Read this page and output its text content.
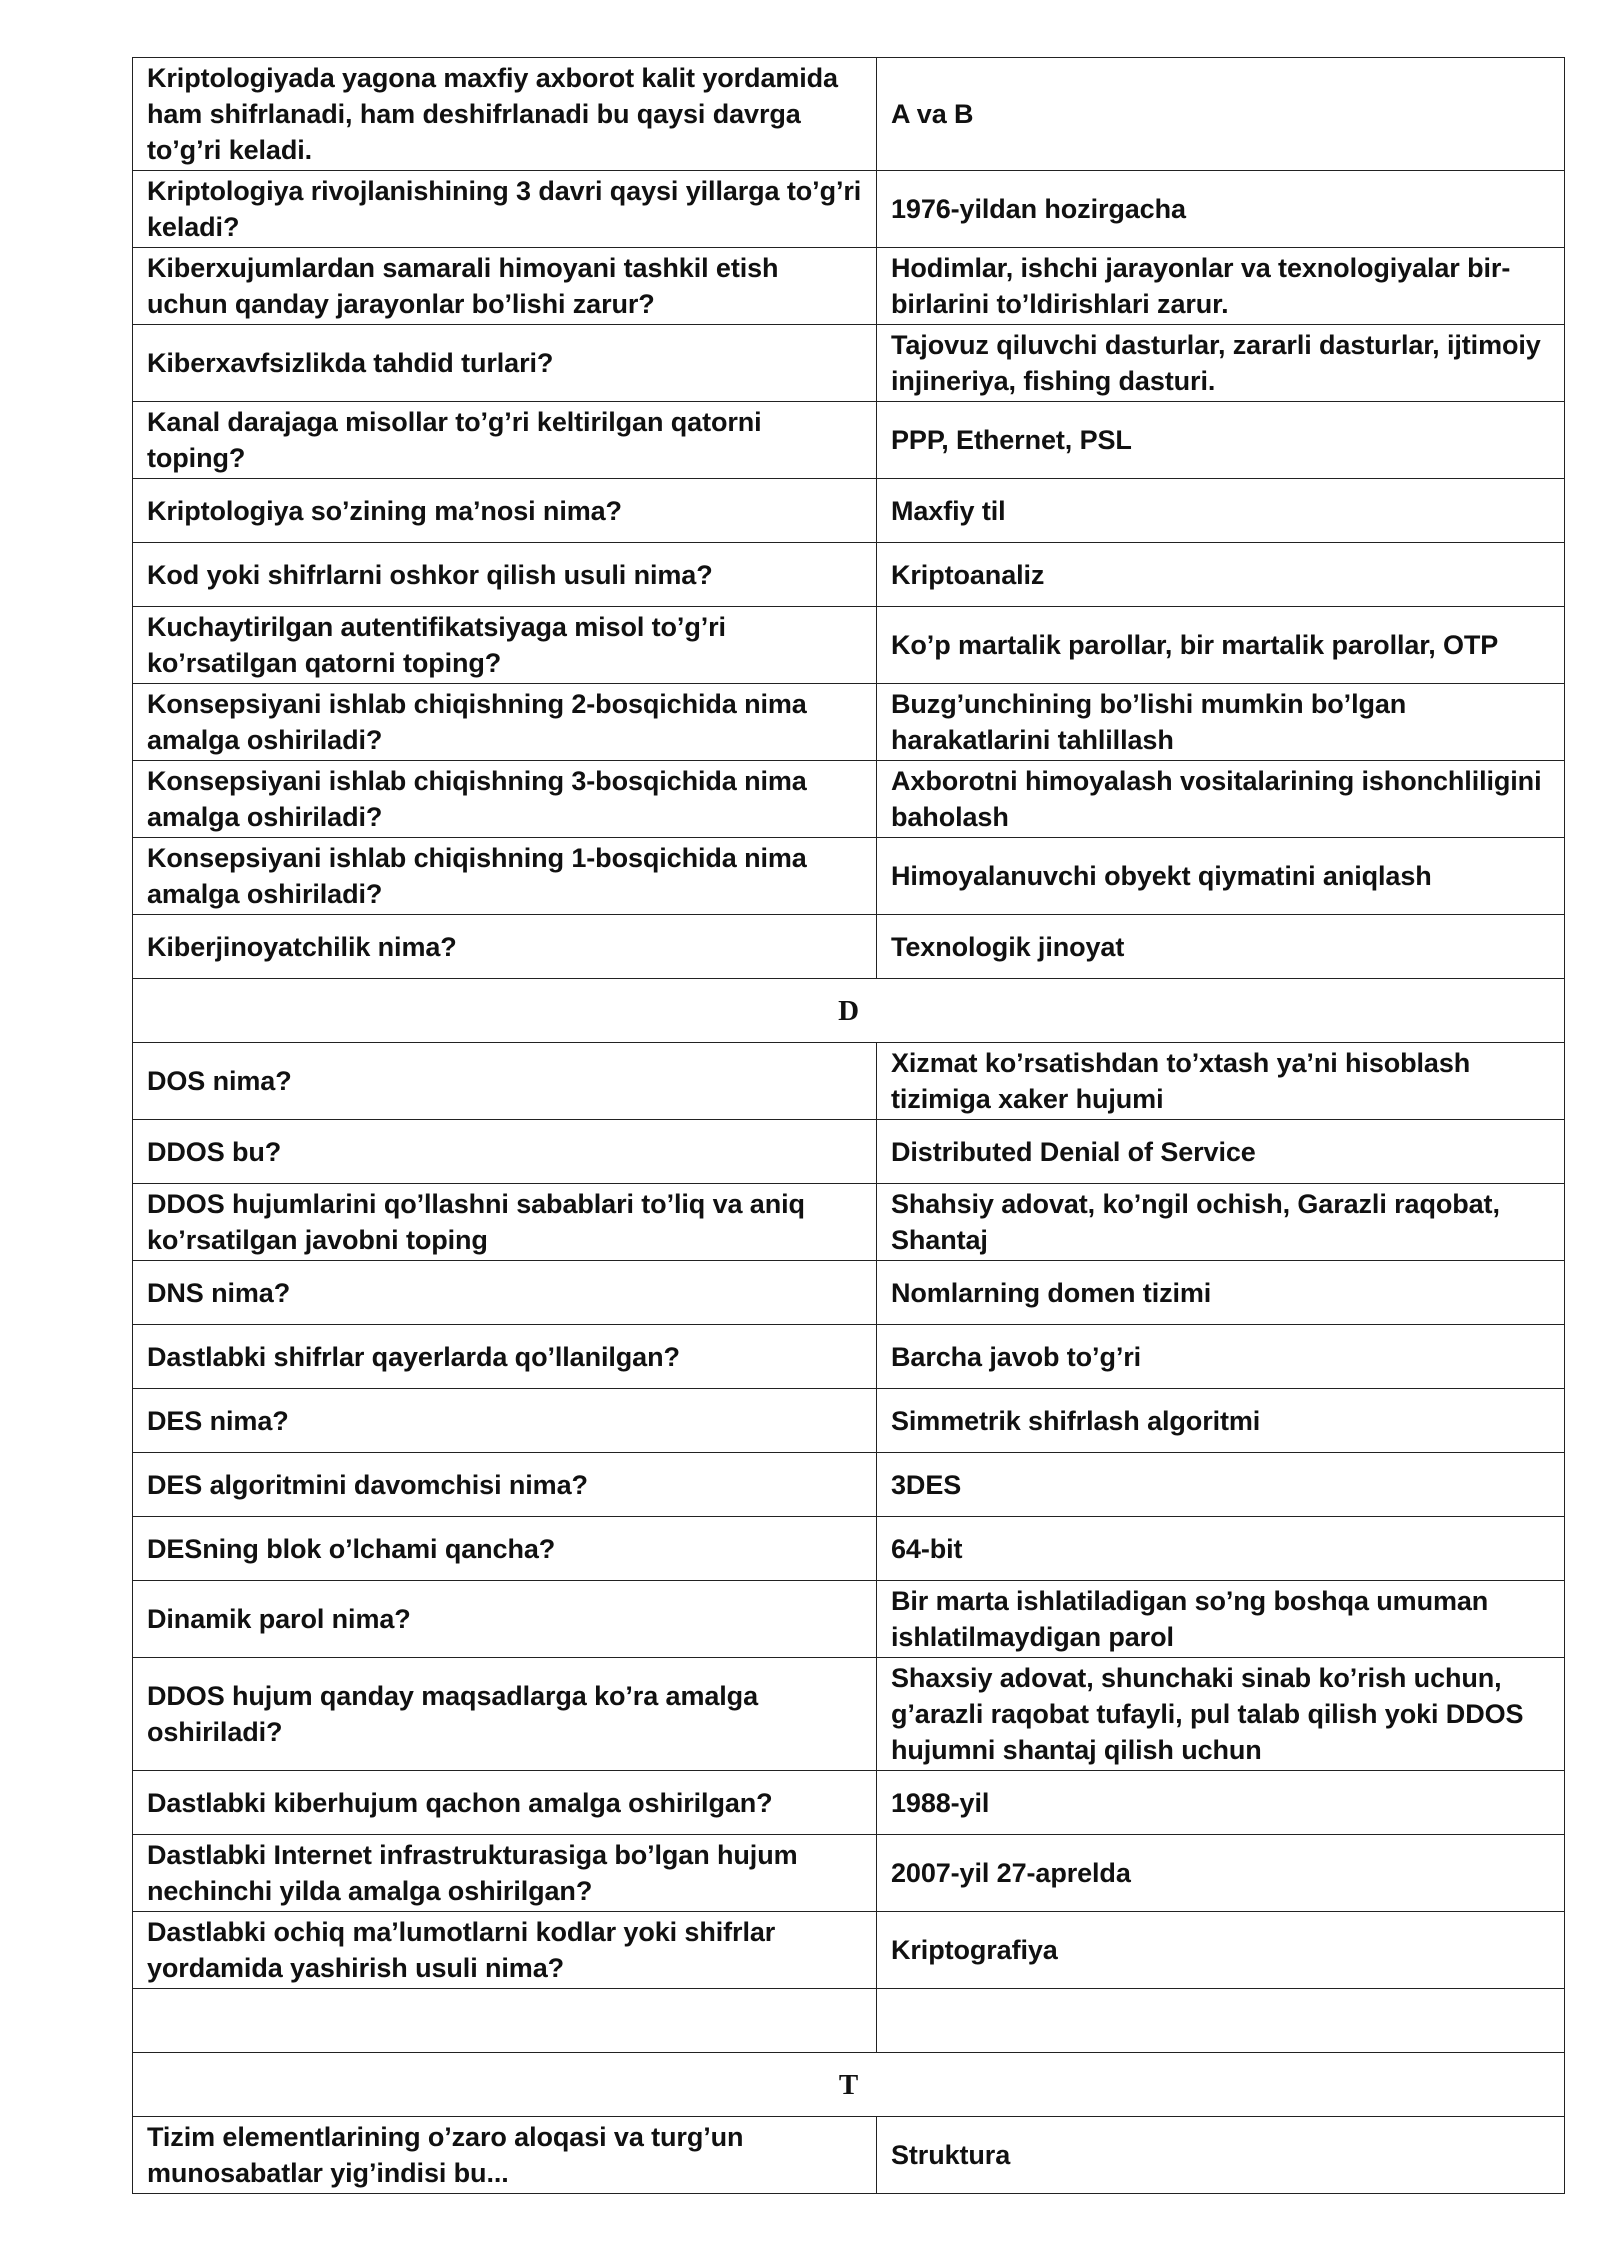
Kriptologiyada yagona maxfiy axborot kalit yordamida ham shifrlanadi, ham deshifrlanadi bu qaysi davrga to’g’ri keladi.	A va B
Kriptologiya rivojlanishining 3 davri qaysi yillarga to’g’ri keladi?	1976-yildan hozirgacha
Kiberxujumlardan samarali himoyani tashkil etish uchun qanday jarayonlar bo’lishi zarur?	Hodimlar, ishchi jarayonlar va texnologiyalar bir-birlarini to’ldirishlari zarur.
Kiberxavfsizlikda tahdid turlari?	Tajovuz qiluvchi dasturlar, zararli dasturlar, ijtimoiy injineriya, fishing dasturi.
Kanal darajaga misollar to’g’ri keltirilgan qatorni toping?	PPP, Ethernet, PSL
Kriptologiya so’zining ma’nosi nima?	Maxfiy til
Kod yoki shifrlarni oshkor qilish usuli nima?	Kriptoanaliz
Kuchaytirilgan autentifikatsiyaga misol to’g’ri ko’rsatilgan qatorni toping?	Ko’p martalik parollar, bir martalik parollar, OTP
Konsepsiyani ishlab chiqishning 2-bosqichida nima amalga oshiriladi?	Buzg’unchining bo’lishi mumkin bo’lgan harakatlarini tahlillash
Konsepsiyani ishlab chiqishning 3-bosqichida nima amalga oshiriladi?	Axborotni himoyalash vositalarining ishonchliligini baholash
Konsepsiyani ishlab chiqishning 1-bosqichida nima amalga oshiriladi?	Himoyalanuvchi obyekt qiymatini aniqlash
Kiberjinoyatchilik nima?	Texnologik jinoyat
D	
DOS nima?	Xizmat ko’rsatishdan to’xtash ya’ni hisoblash tizimiga xaker hujumi
DDOS bu?	Distributed Denial of Service
DDOS hujumlarini qo’llashni sabablari to’liq va aniq ko’rsatilgan javobni toping	Shahsiy adovat, ko’ngil ochish, Garazli raqobat, Shantaj
DNS nima?	Nomlarning domen tizimi
Dastlabki shifrlar qayerlarda qo’llanilgan?	Barcha javob to’g’ri
DES nima?	Simmetrik shifrlash algoritmi
DES algoritmini davomchisi nima?	3DES
DESning blok o’lchami qancha?	64-bit
Dinamik parol nima?	Bir marta ishlatiladigan so’ng boshqa umuman ishlatilmaydigan parol
DDOS hujum qanday maqsadlarga ko’ra amalga oshiriladi?	Shaxsiy adovat, shunchaki sinab ko’rish uchun, g’arazli raqobat tufayli, pul talab qilish yoki DDOS hujumni shantaj qilish uchun
Dastlabki kiberhujum qachon amalga oshirilgan?	1988-yil
Dastlabki Internet infrastrukturasiga bo’lgan hujum nechinchi yilda amalga oshirilgan?	2007-yil 27-aprelda
Dastlabki ochiq ma’lumotlarni kodlar yoki shifrlar yordamida yashirish usuli nima?	Kriptografiya

T	
Tizim elementlarining o’zaro aloqasi va turg’un munosabatlar yig’indisi bu...	Struktura
